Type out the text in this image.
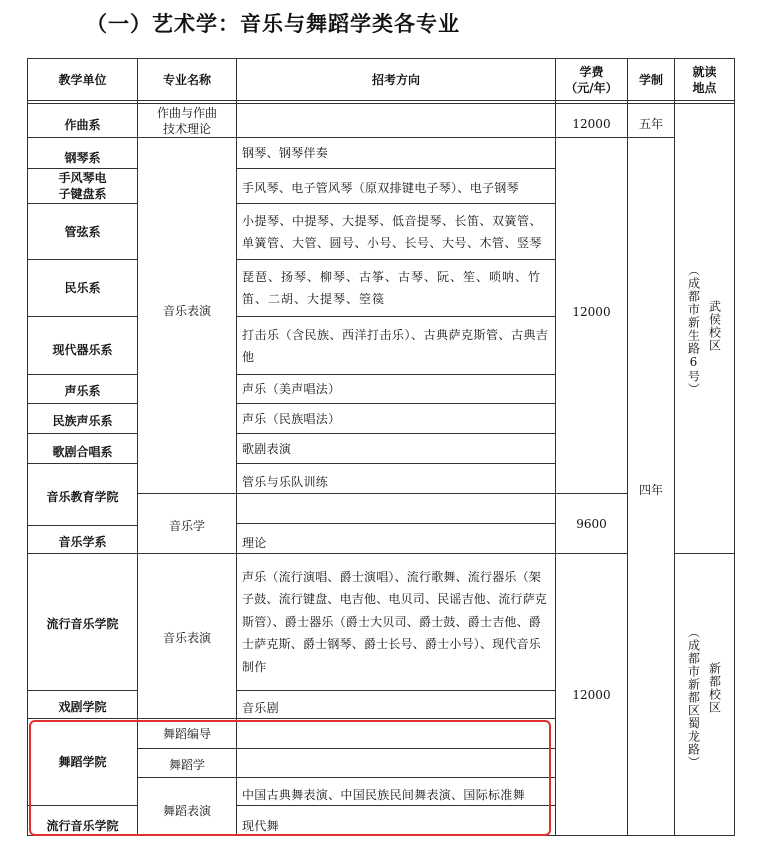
（一）艺术学：音乐与舞蹈学类各专业
教学单位	专业名称	招考方向
学费
（元/年）
学制
就读
地点
作曲系
钢琴系
手风琴电子键盘系
管弦系
民乐系
现代器乐系
声乐系
民族声乐系
歌剧合唱系
音乐教育学院
音乐学系
流行音乐学院
戏剧学院
舞蹈学院
流行音乐学院
作曲与作曲技术理论
音乐表演
音乐学
音乐表演
舞蹈编导
舞蹈学
舞蹈表演
钢琴、钢琴伴奏
手风琴、电子管风琴（原双排键电子琴）、电子钢琴
小提琴、中提琴、大提琴、低音提琴、长笛、双簧管、单簧管、大管、圆号、小号、长号、大号、木管、竖琴
琵琶、扬琴、柳琴、古筝、古琴、阮、笙、唢呐、竹笛、二胡、大提琴、箜篌
打击乐（含民族、西洋打击乐）、古典萨克斯管、古典吉他
声乐（美声唱法）
声乐（民族唱法）
歌剧表演
管乐与乐队训练
理论
声乐（流行演唱、爵士演唱）、流行歌舞、流行器乐（架子鼓、流行键盘、电吉他、电贝司、民谣吉他、流行萨克斯管）、爵士器乐（爵士大贝司、爵士鼓、爵士吉他、爵士萨克斯、爵士钢琴、爵士长号、爵士小号）、现代音乐制作
音乐剧
中国古典舞表演、中国民族民间舞表演、国际标准舞
现代舞
12000
12000
9600
12000
五年
四年
武侯校区
（成都市新生路6号）
新都校区
（成都市新都区蜀龙路）
